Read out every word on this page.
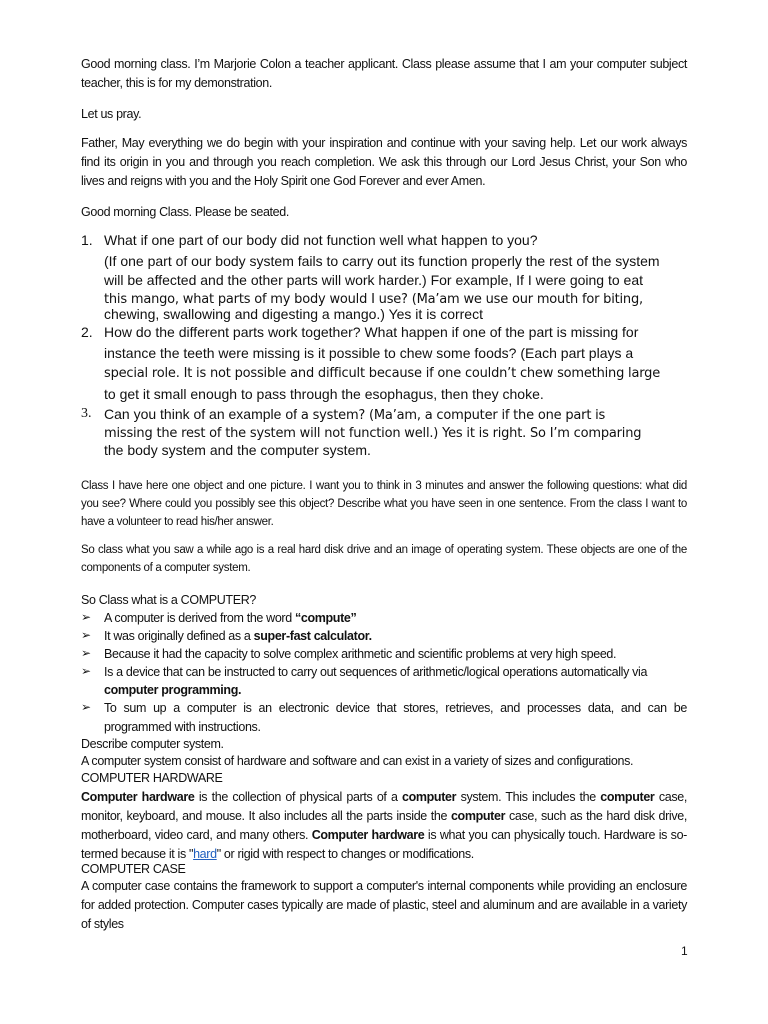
Good morning class. I’m Marjorie Colon a teacher applicant. Class please assume that I am your computer subject teacher, this is for my demonstration.

Let us pray.

Father, May everything we do begin with your inspiration and continue with your saving help. Let our work always find its origin in you and through you reach completion. We ask this through our Lord Jesus Christ, your Son who lives and reigns with you and the Holy Spirit one God Forever and ever Amen.

Good morning Class. Please be seated.

1. What if one part of our body did not function well what happen to you?

(If one part of our body system fails to carry out its function properly the rest of the system

will be affected and the other parts will work harder.) For example, If I were going to eat

this mango, what parts of my body would I use? (Ma’am we use our mouth for biting,

chewing, swallowing and digesting a mango.) Yes it is correct

2. How do the different parts work together? What happen if one of the part is missing for

instance the teeth were missing is it possible to chew some foods? (Each part plays a

special role. It is not possible and difficult because if one couldn’t chew something large

to get it small enough to pass through the esophagus, then they choke.

3. Can you think of an example of a system? (Ma’am, a computer if the one part is

missing the rest of the system will not function well.) Yes it is right. So I’m comparing

the body system and the computer system.

Class I have here one object and one picture. I want you to think in 3 minutes and answer the following questions: what did you see? Where could you possibly see this object? Describe what you have seen in one sentence. From the class I want to have a volunteer to read his/her answer.

So class what you saw a while ago is a real hard disk drive and an image of operating system. These objects are one of the components of a computer system.

So Class what is a COMPUTER?

➢ A computer is derived from the word “compute”

➢ It was originally defined as a super-fast calculator.

➢ Because it had the capacity to solve complex arithmetic and scientific problems at very high speed.

➢ Is a device that can be instructed to carry out sequences of arithmetic/logical operations automatically via

computer programming.

➢ To sum up a computer is an electronic device that stores, retrieves, and processes data, and can be programmed with instructions.

Describe computer system.

A computer system consist of hardware and software and can exist in a variety of sizes and configurations.

COMPUTER HARDWARE

Computer hardware is the collection of physical parts of a computer system. This includes the computer case, monitor, keyboard, and mouse. It also includes all the parts inside the computer case, such as the hard disk drive, motherboard, video card, and many others. Computer hardware is what you can physically touch. Hardware is so-termed because it is "hard" or rigid with respect to changes or modifications.

COMPUTER CASE

A computer case contains the framework to support a computer's internal components while providing an enclosure for added protection. Computer cases typically are made of plastic, steel and aluminum and are available in a variety of styles

1
